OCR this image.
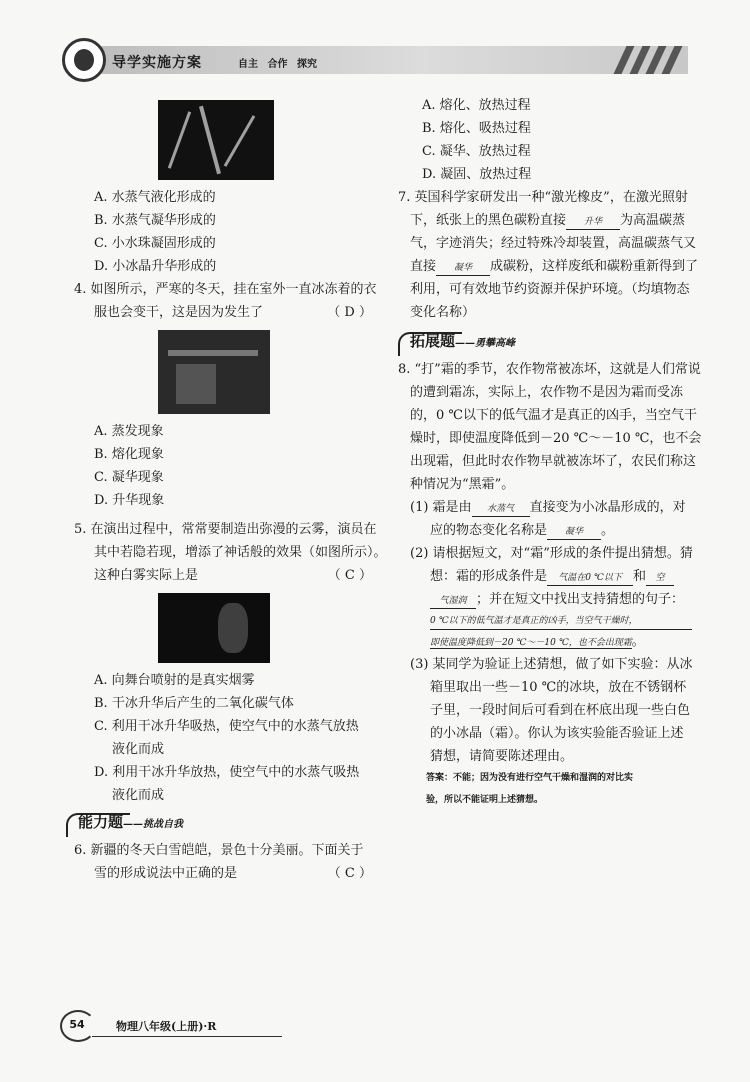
导学实施方案	自主 合作 探究
A. 水蒸气液化形成的
B. 水蒸气凝华形成的
C. 小水珠凝固形成的
D. 小冰晶升华形成的
4. 如图所示，严寒的冬天，挂在室外一直冰冻着的衣
服也会变干，这是因为发生了	（ D ）
A. 蒸发现象
B. 熔化现象
C. 凝华现象
D. 升华现象
5. 在演出过程中，常常要制造出弥漫的云雾，演员在
其中若隐若现，增添了神话般的效果（如图所示）。
这种白雾实际上是	（ C ）
A. 向舞台喷射的是真实烟雾
B. 干冰升华后产生的二氧化碳气体
C. 利用干冰升华吸热，使空气中的水蒸气放热
液化而成
D. 利用干冰升华放热，使空气中的水蒸气吸热
液化而成
能力题——挑战自我
6. 新疆的冬天白雪皑皑，景色十分美丽。下面关于
雪的形成说法中正确的是	（ C ）
A. 熔化、放热过程
B. 熔化、吸热过程
C. 凝华、放热过程
D. 凝固、放热过程
7. 英国科学家研发出一种“激光橡皮”，在激光照射
下，纸张上的黑色碳粉直接 升华 为高温碳蒸
气，字迹消失；经过特殊冷却装置，高温碳蒸气又
直接 凝华 成碳粉，这样废纸和碳粉重新得到了
利用，可有效地节约资源并保护环境。（均填物态
变化名称）
拓展题——勇攀高峰
8. “打”霜的季节，农作物常被冻坏，这就是人们常说
的遭到霜冻，实际上，农作物不是因为霜而受冻
的，0 ℃以下的低气温才是真正的凶手，当空气干
燥时，即使温度降低到－20 ℃～－10 ℃，也不会
出现霜，但此时农作物早就被冻坏了，农民们称这
种情况为“黑霜”。
(1) 霜是由 水蒸气 直接变为小冰晶形成的，对
应的物态变化名称是 凝华 。
(2) 请根据短文，对“霜”形成的条件提出猜想。猜
想：霜的形成条件是 气温在0 ℃以下 和 空
气湿润 ；并在短文中找出支持猜想的句子：
0 ℃以下的低气温才是真正的凶手，当空气干燥时，
即使温度降低到－20 ℃～－10 ℃，也不会出现霜。
(3) 某同学为验证上述猜想，做了如下实验：从冰
箱里取出一些－10 ℃的冰块，放在不锈钢杯
子里，一段时间后可看到在杯底出现一些白色
的小冰晶（霜）。你认为该实验能否验证上述
猜想，请简要陈述理由。
答案：不能；因为没有进行空气干燥和湿润的对比实
验，所以不能证明上述猜想。
54	物理八年级(上册)·R
